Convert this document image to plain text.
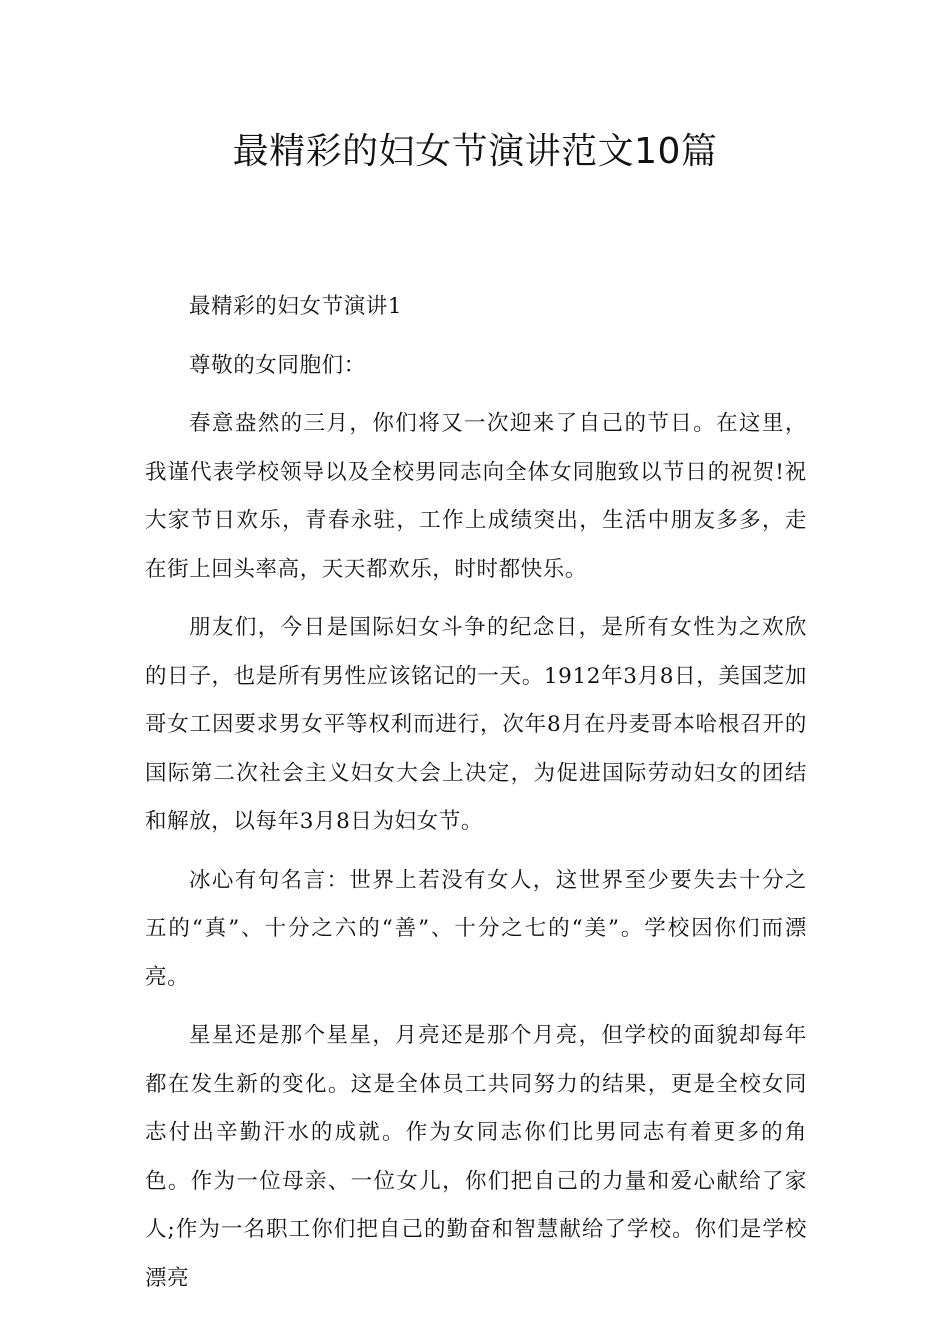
最精彩的妇女节演讲范文10篇

最精彩的妇女节演讲1

尊敬的女同胞们：

春意盎然的三月，你们将又一次迎来了自己的节日。在这里，我谨代表学校领导以及全校男同志向全体女同胞致以节日的祝贺!祝大家节日欢乐，青春永驻，工作上成绩突出，生活中朋友多多，走在街上回头率高，天天都欢乐，时时都快乐。

朋友们，今日是国际妇女斗争的纪念日，是所有女性为之欢欣的日子，也是所有男性应该铭记的一天。1912年3月8日，美国芝加哥女工因要求男女平等权利而进行，次年8月在丹麦哥本哈根召开的国际第二次社会主义妇女大会上决定，为促进国际劳动妇女的团结和解放，以每年3月8日为妇女节。

冰心有句名言：世界上若没有女人，这世界至少要失去十分之五的“真”、十分之六的“善”、十分之七的“美”。学校因你们而漂亮。

星星还是那个星星，月亮还是那个月亮，但学校的面貌却每年都在发生新的变化。这是全体员工共同努力的结果，更是全校女同志付出辛勤汗水的成就。作为女同志你们比男同志有着更多的角色。作为一位母亲、一位女儿，你们把自己的力量和爱心献给了家人;作为一名职工你们把自己的勤奋和智慧献给了学校。你们是学校漂亮
